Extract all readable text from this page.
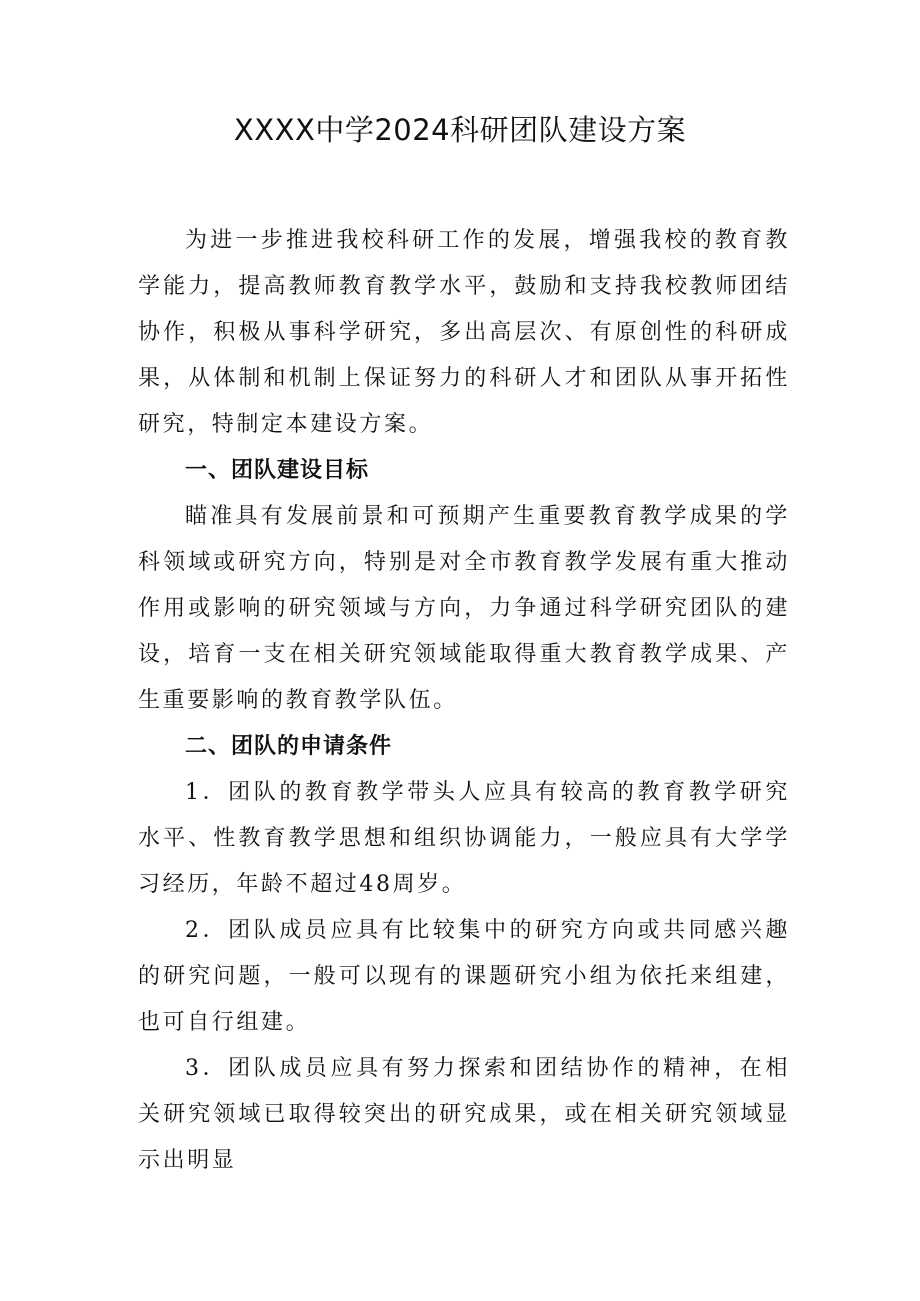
XXXX中学2024科研团队建设方案

为进一步推进我校科研工作的发展，增强我校的教育教学能力，提高教师教育教学水平，鼓励和支持我校教师团结协作，积极从事科学研究，多出高层次、有原创性的科研成果，从体制和机制上保证努力的科研人才和团队从事开拓性研究，特制定本建设方案。

一、团队建设目标

瞄准具有发展前景和可预期产生重要教育教学成果的学科领域或研究方向，特别是对全市教育教学发展有重大推动作用或影响的研究领域与方向，力争通过科学研究团队的建设，培育一支在相关研究领域能取得重大教育教学成果、产生重要影响的教育教学队伍。

二、团队的申请条件

1．团队的教育教学带头人应具有较高的教育教学研究水平、性教育教学思想和组织协调能力，一般应具有大学学习经历，年龄不超过48周岁。

2．团队成员应具有比较集中的研究方向或共同感兴趣的研究问题，一般可以现有的课题研究小组为依托来组建，也可自行组建。

3．团队成员应具有努力探索和团结协作的精神，在相关研究领域已取得较突出的研究成果，或在相关研究领域显示出明显
